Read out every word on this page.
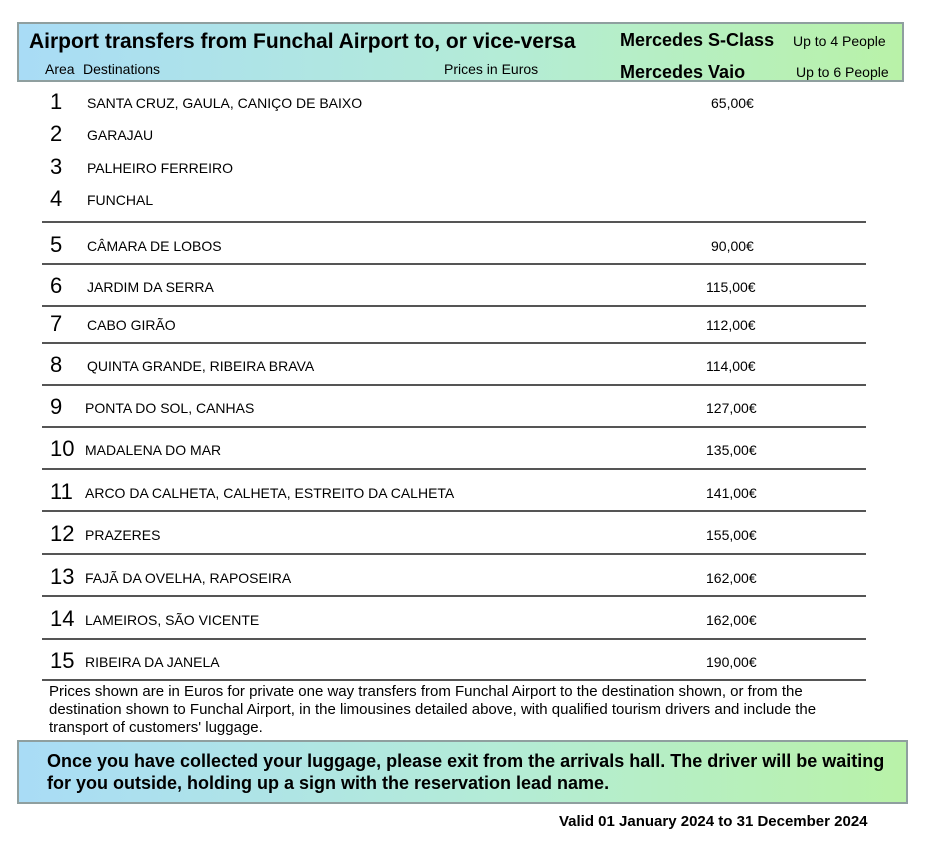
Airport transfers from Funchal Airport to, or vice-versa
Area Destinations	Prices in Euros
Mercedes S-Class Up to 4 People
Mercedes Vaio	Up to 6 People
1 SANTA CRUZ, GAULA, CANIÇO DE BAIXO	65,00€
2 GARAJAU
3 PALHEIRO FERREIRO
4 FUNCHAL
5 CÂMARA DE LOBOS	90,00€
6 JARDIM DA SERRA	115,00€
7 CABO GIRÃO	112,00€
8 QUINTA GRANDE, RIBEIRA BRAVA	114,00€
9 PONTA DO SOL, CANHAS	127,00€
10 MADALENA DO MAR	135,00€
11 ARCO DA CALHETA, CALHETA, ESTREITO DA CALHETA	141,00€
12 PRAZERES	155,00€
13 FAJÃ DA OVELHA, RAPOSEIRA	162,00€
14 LAMEIROS, SÃO VICENTE	162,00€
15 RIBEIRA DA JANELA	190,00€
Prices shown are in Euros for private one way transfers from Funchal Airport to the destination shown, or from the destination shown to Funchal Airport, in the limousines detailed above, with qualified tourism drivers and include the transport of customers' luggage.
Once you have collected your luggage, please exit from the arrivals hall. The driver will be waiting for you outside, holding up a sign with the reservation lead name.
Valid 01 January 2024 to 31 December 2024
